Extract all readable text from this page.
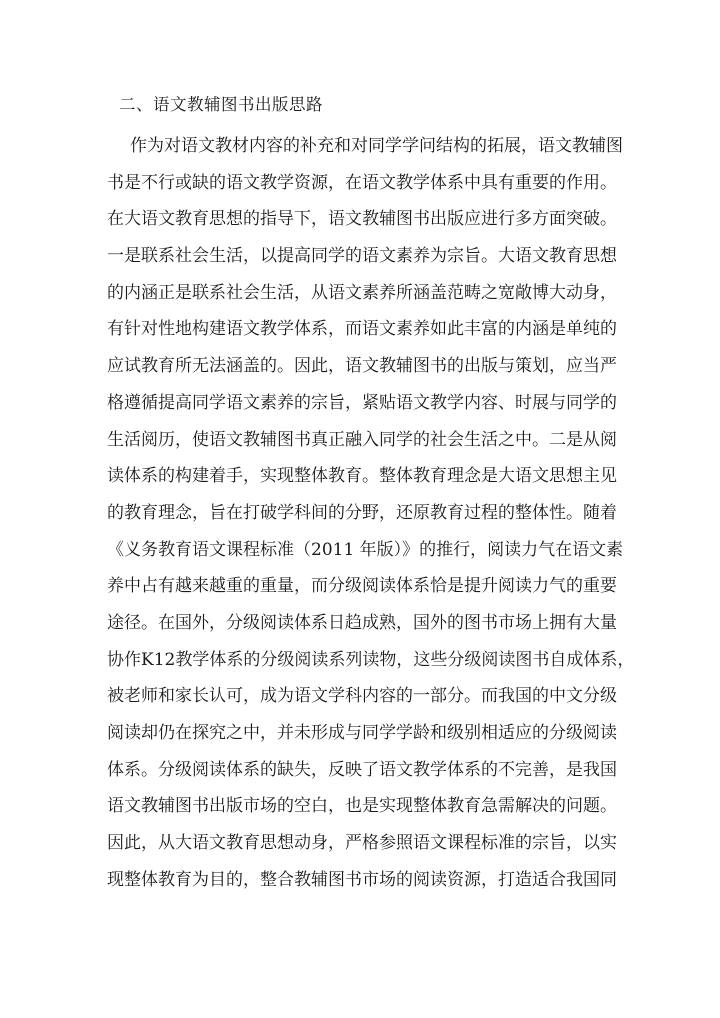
二、语文教辅图书出版思路
作为对语文教材内容的补充和对同学学问结构的拓展，语文教辅图
书是不行或缺的语文教学资源，在语文教学体系中具有重要的作用。
在大语文教育思想的指导下，语文教辅图书出版应进行多方面突破。
一是联系社会生活，以提高同学的语文素养为宗旨。大语文教育思想
的内涵正是联系社会生活，从语文素养所涵盖范畴之宽敞博大动身，
有针对性地构建语文教学体系，而语文素养如此丰富的内涵是单纯的
应试教育所无法涵盖的。因此，语文教辅图书的出版与策划，应当严
格遵循提高同学语文素养的宗旨，紧贴语文教学内容、时展与同学的
生活阅历，使语文教辅图书真正融入同学的社会生活之中。二是从阅
读体系的构建着手，实现整体教育。整体教育理念是大语文思想主见
的教育理念，旨在打破学科间的分野，还原教育过程的整体性。随着
《义务教育语文课程标准（2011 年版）》的推行，阅读力气在语文素
养中占有越来越重的重量，而分级阅读体系恰是提升阅读力气的重要
途径。在国外，分级阅读体系日趋成熟，国外的图书市场上拥有大量
协作K12教学体系的分级阅读系列读物，这些分级阅读图书自成体系，
被老师和家长认可，成为语文学科内容的一部分。而我国的中文分级
阅读却仍在探究之中，并未形成与同学学龄和级别相适应的分级阅读
体系。分级阅读体系的缺失，反映了语文教学体系的不完善，是我国
语文教辅图书出版市场的空白，也是实现整体教育急需解决的问题。
因此，从大语文教育思想动身，严格参照语文课程标准的宗旨，以实
现整体教育为目的，整合教辅图书市场的阅读资源，打造适合我国同
